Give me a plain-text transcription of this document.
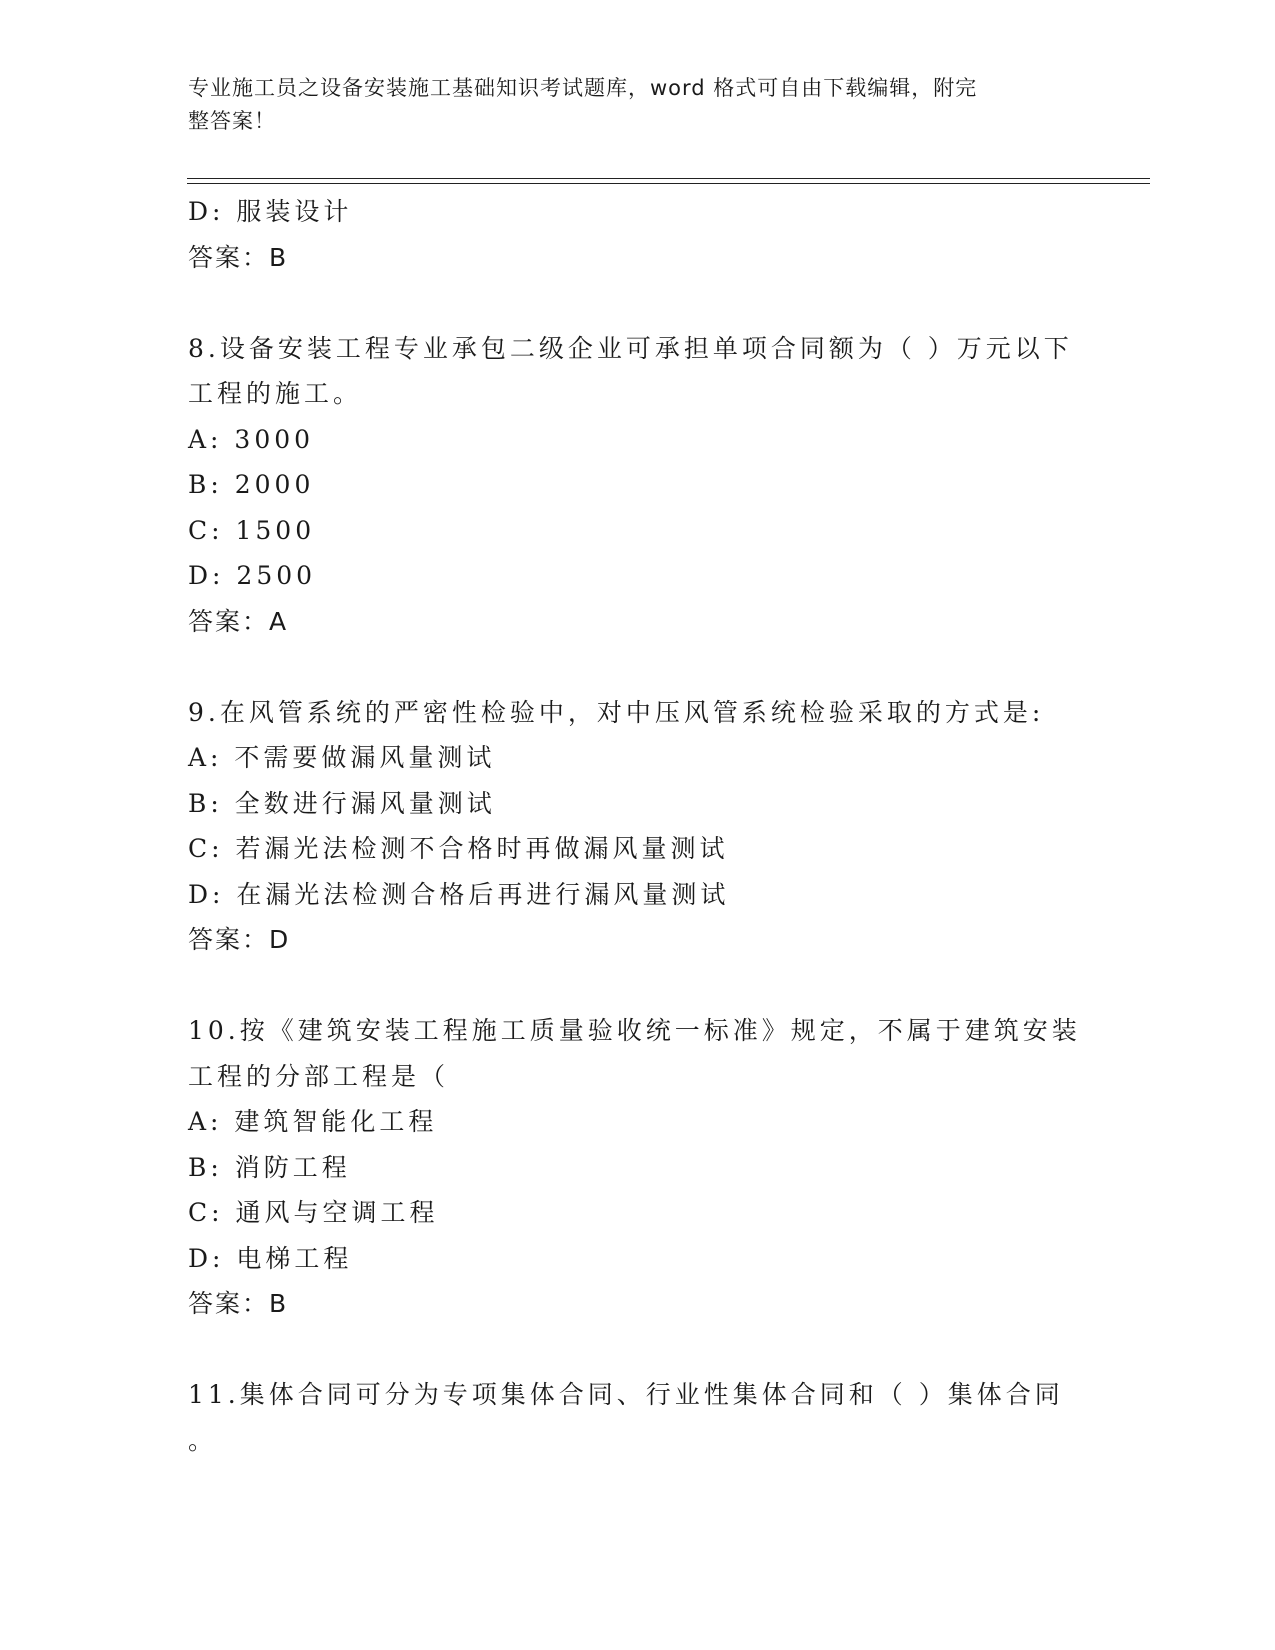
专业施工员之设备安装施工基础知识考试题库，word 格式可自由下载编辑，附完
整答案！
D: 服装设计
答案：B
8.设备安装工程专业承包二级企业可承担单项合同额为（ ）万元以下
工程的施工。
A: 3000
B: 2000
C: 1500
D: 2500
答案：A
9.在风管系统的严密性检验中，对中压风管系统检验采取的方式是:
A: 不需要做漏风量测试
B: 全数进行漏风量测试
C: 若漏光法检测不合格时再做漏风量测试
D: 在漏光法检测合格后再进行漏风量测试
答案：D
10.按《建筑安装工程施工质量验收统一标准》规定，不属于建筑安装
工程的分部工程是（
A: 建筑智能化工程
B: 消防工程
C: 通风与空调工程
D: 电梯工程
答案：B
11.集体合同可分为专项集体合同、行业性集体合同和（ ）集体合同
。
